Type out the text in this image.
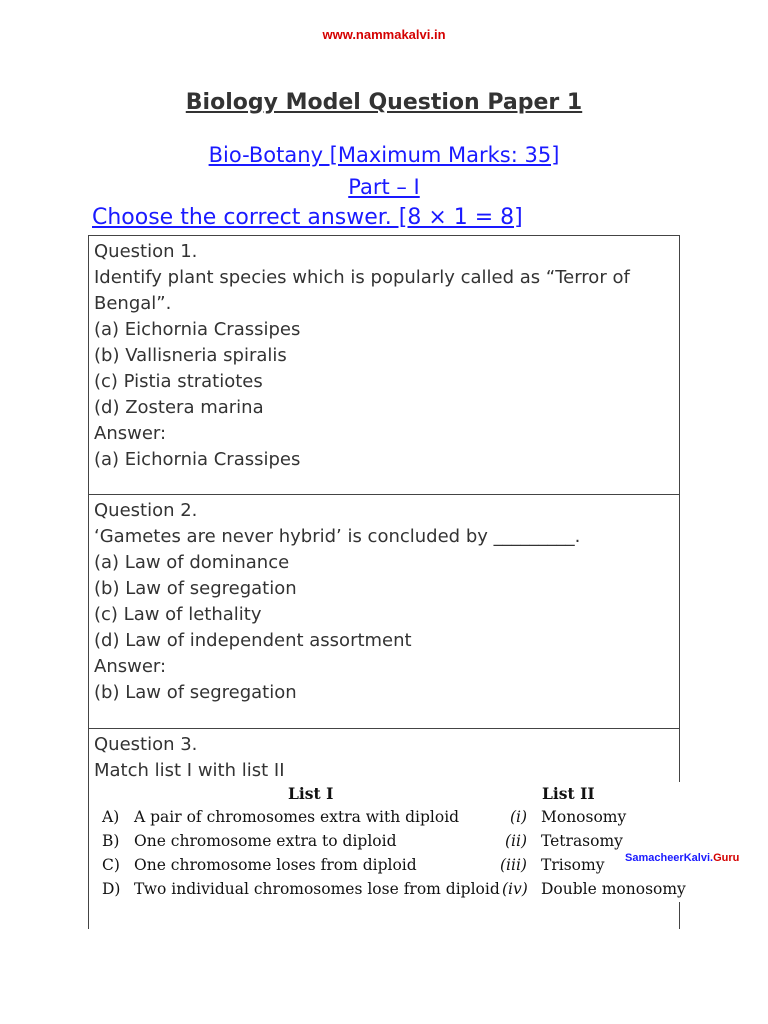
www.nammakalvi.in
Biology Model Question Paper 1
Bio-Botany [Maximum Marks: 35]
Part – I
Choose the correct answer. [8 × 1 = 8]
Question 1.
Identify plant species which is popularly called as “Terror of
Bengal”.
(a) Eichornia Crassipes
(b) Vallisneria spiralis
(c) Pistia stratiotes
(d) Zostera marina
Answer:
(a) Eichornia Crassipes
Question 2.
‘Gametes are never hybrid’ is concluded by _________.
(a) Law of dominance
(b) Law of segregation
(c) Law of lethality
(d) Law of independent assortment
Answer:
(b) Law of segregation
Question 3.
Match list I with list II
List I	List II
A) A pair of chromosomes extra with diploid	(i) Monosomy
B) One chromosome extra to diploid	(ii) Tetrasomy
C) One chromosome loses from diploid	(iii) Trisomy
D) Two individual chromosomes lose from diploid (iv) Double monosomy
SamacheerKalvi.Guru
